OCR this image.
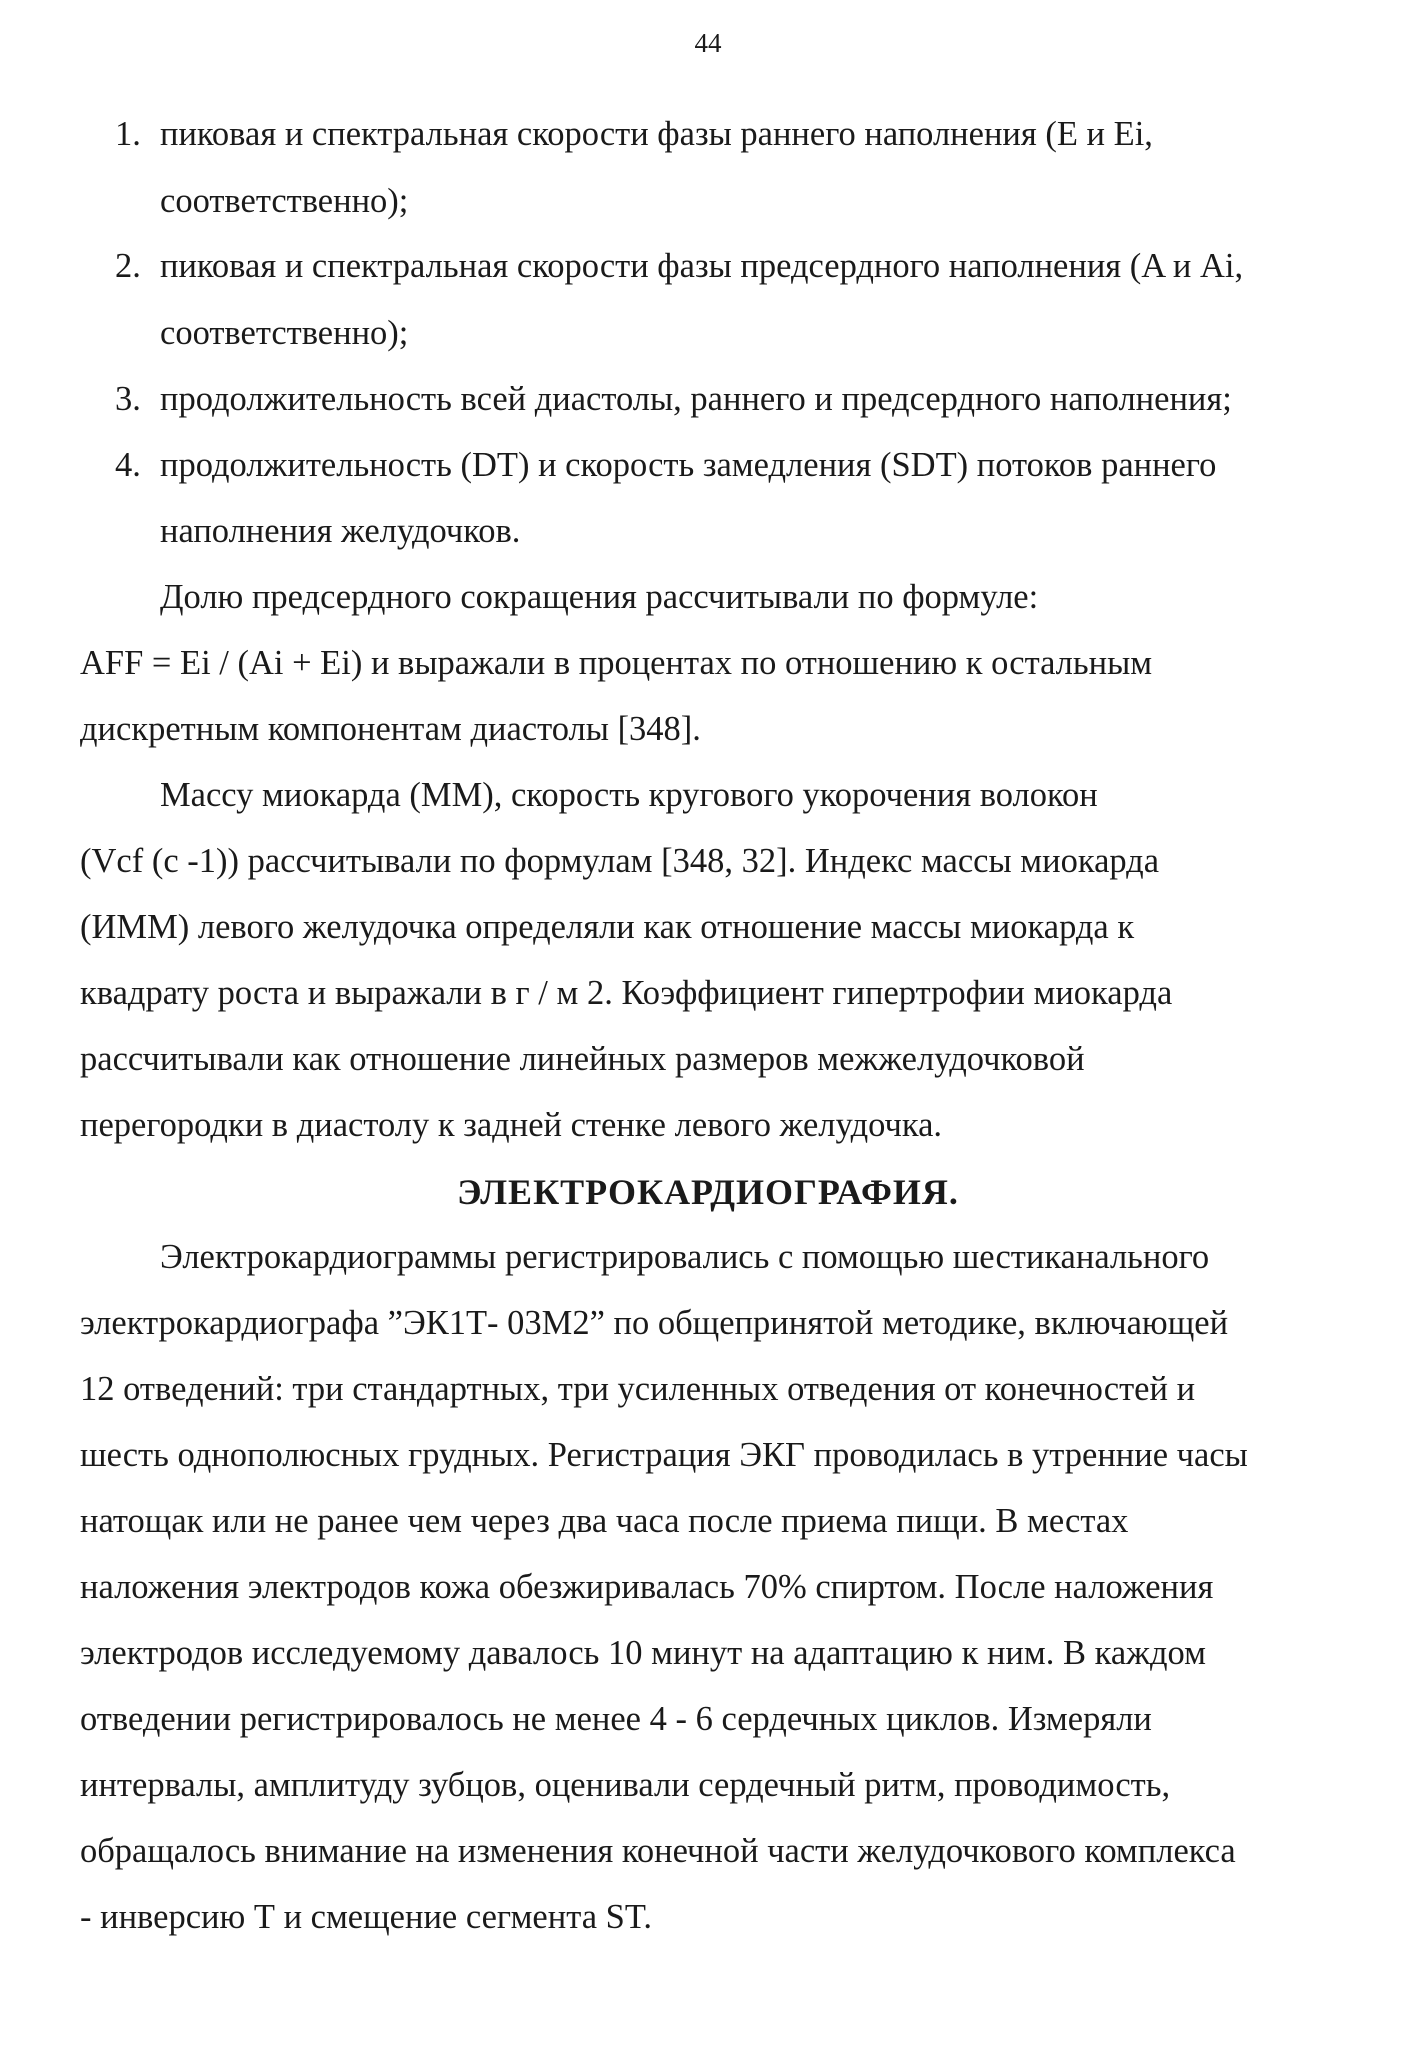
44
1. пиковая и спектральная скорости фазы раннего наполнения (E и Ei,
соответственно);
2. пиковая и спектральная скорости фазы предсердного наполнения (A и Ai,
соответственно);
3. продолжительность всей диастолы, раннего и предсердного наполнения;
4. продолжительность (DT) и скорость замедления (SDT) потоков раннего
наполнения желудочков.
Долю предсердного сокращения рассчитывали по формуле:
AFF = Ei / (Ai + Ei) и выражали в процентах по отношению к остальным
дискретным компонентам диастолы [348].
Массу миокарда (ММ), скорость кругового укорочения волокон
(Vcf (c -1)) рассчитывали по формулам [348, 32]. Индекс массы миокарда
(ИММ) левого желудочка определяли как отношение массы миокарда к
квадрату роста и выражали в г / м 2. Коэффициент гипертрофии миокарда
рассчитывали как отношение линейных размеров межжелудочковой
перегородки в диастолу к задней стенке левого желудочка.
ЭЛЕКТРОКАРДИОГРАФИЯ.
Электрокардиограммы регистрировались с помощью шестиканального
электрокардиографа ”ЭК1Т- 03М2” по общепринятой методике, включающей
12 отведений: три стандартных, три усиленных отведения от конечностей и
шесть однополюсных грудных. Регистрация ЭКГ проводилась в утренние часы
натощак или не ранее чем через два часа после приема пищи. В местах
наложения электродов кожа обезжиривалась 70% спиртом. После наложения
электродов исследуемому давалось 10 минут на адаптацию к ним. В каждом
отведении регистрировалось не менее 4 - 6 сердечных циклов. Измеряли
интервалы, амплитуду зубцов, оценивали сердечный ритм, проводимость,
обращалось внимание на изменения конечной части желудочкового комплекса
- инверсию Т и смещение сегмента ST.
